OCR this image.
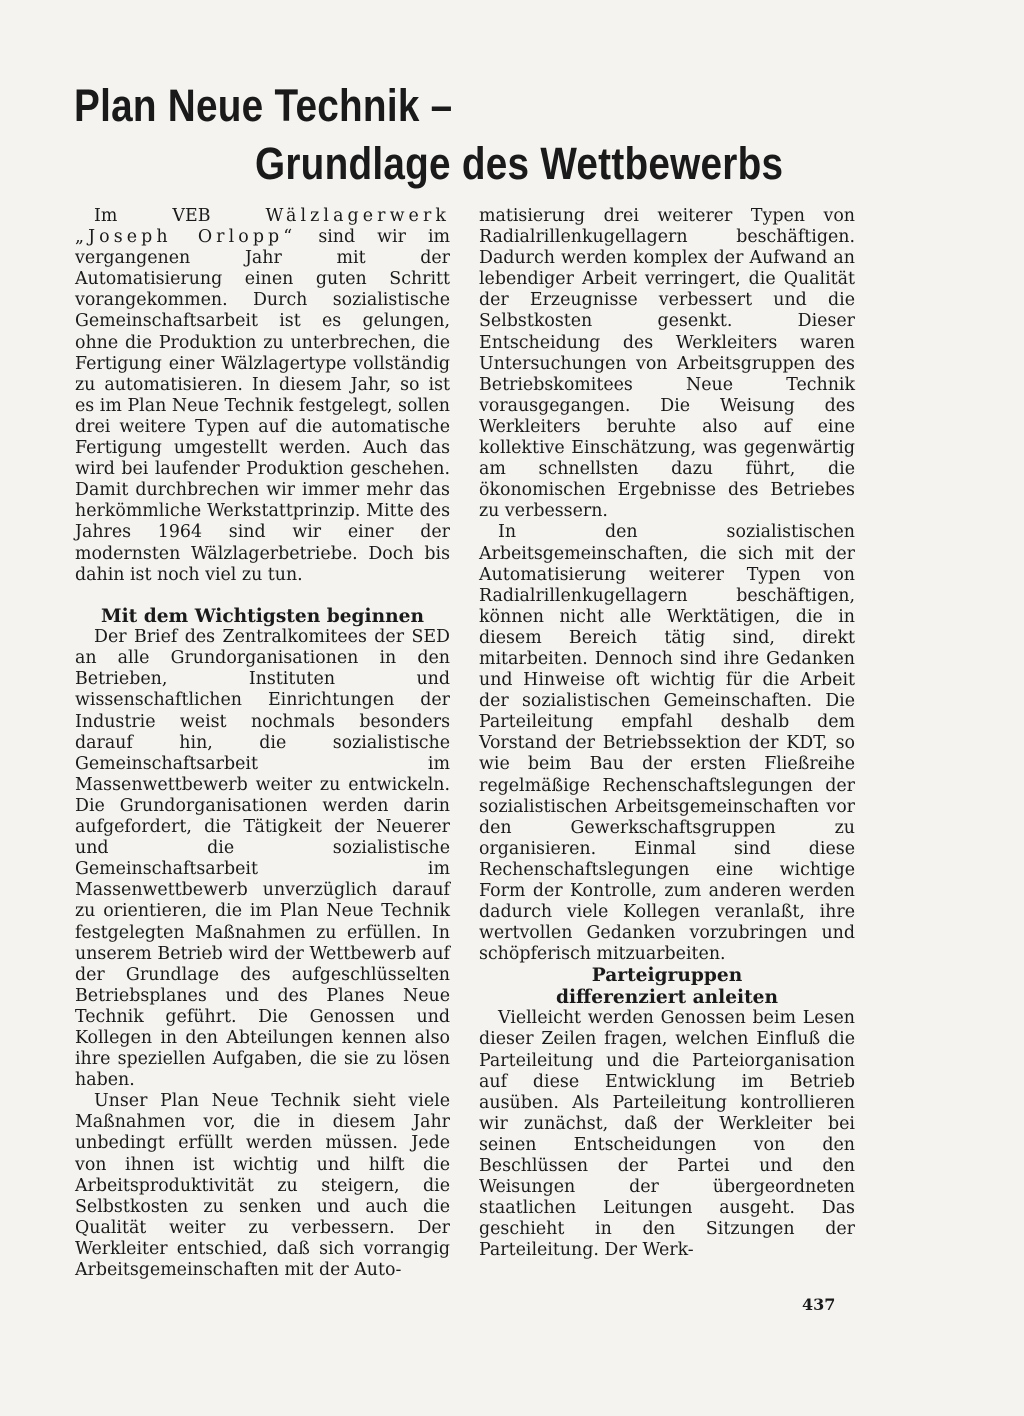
Plan Neue Technik –
Grundlage des Wettbewerbs

Im VEB Wälzlagerwerk „Joseph Orlopp“ sind wir im vergangenen Jahr mit der Automatisierung einen guten Schritt vorangekommen. Durch sozialistische Gemeinschaftsarbeit ist es gelungen, ohne die Produktion zu unterbrechen, die Fertigung einer Wälzlagertype vollständig zu automatisieren. In diesem Jahr, so ist es im Plan Neue Technik festgelegt, sollen drei weitere Typen auf die automatische Fertigung umgestellt werden. Auch das wird bei laufender Produktion geschehen. Damit durchbrechen wir immer mehr das herkömmliche Werkstattprinzip. Mitte des Jahres 1964 sind wir einer der modernsten Wälzlagerbetriebe. Doch bis dahin ist noch viel zu tun.

Mit dem Wichtigsten beginnen

Der Brief des Zentralkomitees der SED an alle Grundorganisationen in den Betrieben, Instituten und wissenschaftlichen Einrichtungen der Industrie weist nochmals besonders darauf hin, die sozialistische Gemeinschaftsarbeit im Massenwettbewerb weiter zu entwickeln. Die Grundorganisationen werden darin aufgefordert, die Tätigkeit der Neuerer und die sozialistische Gemeinschaftsarbeit im Massenwettbewerb unverzüglich darauf zu orientieren, die im Plan Neue Technik festgelegten Maßnahmen zu erfüllen. In unserem Betrieb wird der Wettbewerb auf der Grundlage des aufgeschlüsselten Betriebsplanes und des Planes Neue Technik geführt. Die Genossen und Kollegen in den Abteilungen kennen also ihre speziellen Aufgaben, die sie zu lösen haben.

Unser Plan Neue Technik sieht viele Maßnahmen vor, die in diesem Jahr unbedingt erfüllt werden müssen. Jede von ihnen ist wichtig und hilft die Arbeitsproduktivität zu steigern, die Selbstkosten zu senken und auch die Qualität weiter zu verbessern. Der Werkleiter entschied, daß sich vorrangig Arbeitsgemeinschaften mit der Auto-

matisierung drei weiterer Typen von Radialrillenkugellagern beschäftigen. Dadurch werden komplex der Aufwand an lebendiger Arbeit verringert, die Qualität der Erzeugnisse verbessert und die Selbstkosten gesenkt. Dieser Entscheidung des Werkleiters waren Untersuchungen von Arbeitsgruppen des Betriebskomitees Neue Technik vorausgegangen. Die Weisung des Werkleiters beruhte also auf eine kollektive Einschätzung, was gegenwärtig am schnellsten dazu führt, die ökonomischen Ergebnisse des Betriebes zu verbessern.

In den sozialistischen Arbeitsgemeinschaften, die sich mit der Automatisierung weiterer Typen von Radialrillenkugellagern beschäftigen, können nicht alle Werktätigen, die in diesem Bereich tätig sind, direkt mitarbeiten. Dennoch sind ihre Gedanken und Hinweise oft wichtig für die Arbeit der sozialistischen Gemeinschaften. Die Parteileitung empfahl deshalb dem Vorstand der Betriebssektion der KDT, so wie beim Bau der ersten Fließreihe regelmäßige Rechenschaftslegungen der sozialistischen Arbeitsgemeinschaften vor den Gewerkschaftsgruppen zu organisieren. Einmal sind diese Rechenschaftslegungen eine wichtige Form der Kontrolle, zum anderen werden dadurch viele Kollegen veranlaßt, ihre wertvollen Gedanken vorzubringen und schöpferisch mitzuarbeiten.

Parteigruppen
differenziert anleiten

Vielleicht werden Genossen beim Lesen dieser Zeilen fragen, welchen Einfluß die Parteileitung und die Parteiorganisation auf diese Entwicklung im Betrieb ausüben. Als Parteileitung kontrollieren wir zunächst, daß der Werkleiter bei seinen Entscheidungen von den Beschlüssen der Partei und den Weisungen der übergeordneten staatlichen Leitungen ausgeht. Das geschieht in den Sitzungen der Parteileitung. Der Werk-

437
